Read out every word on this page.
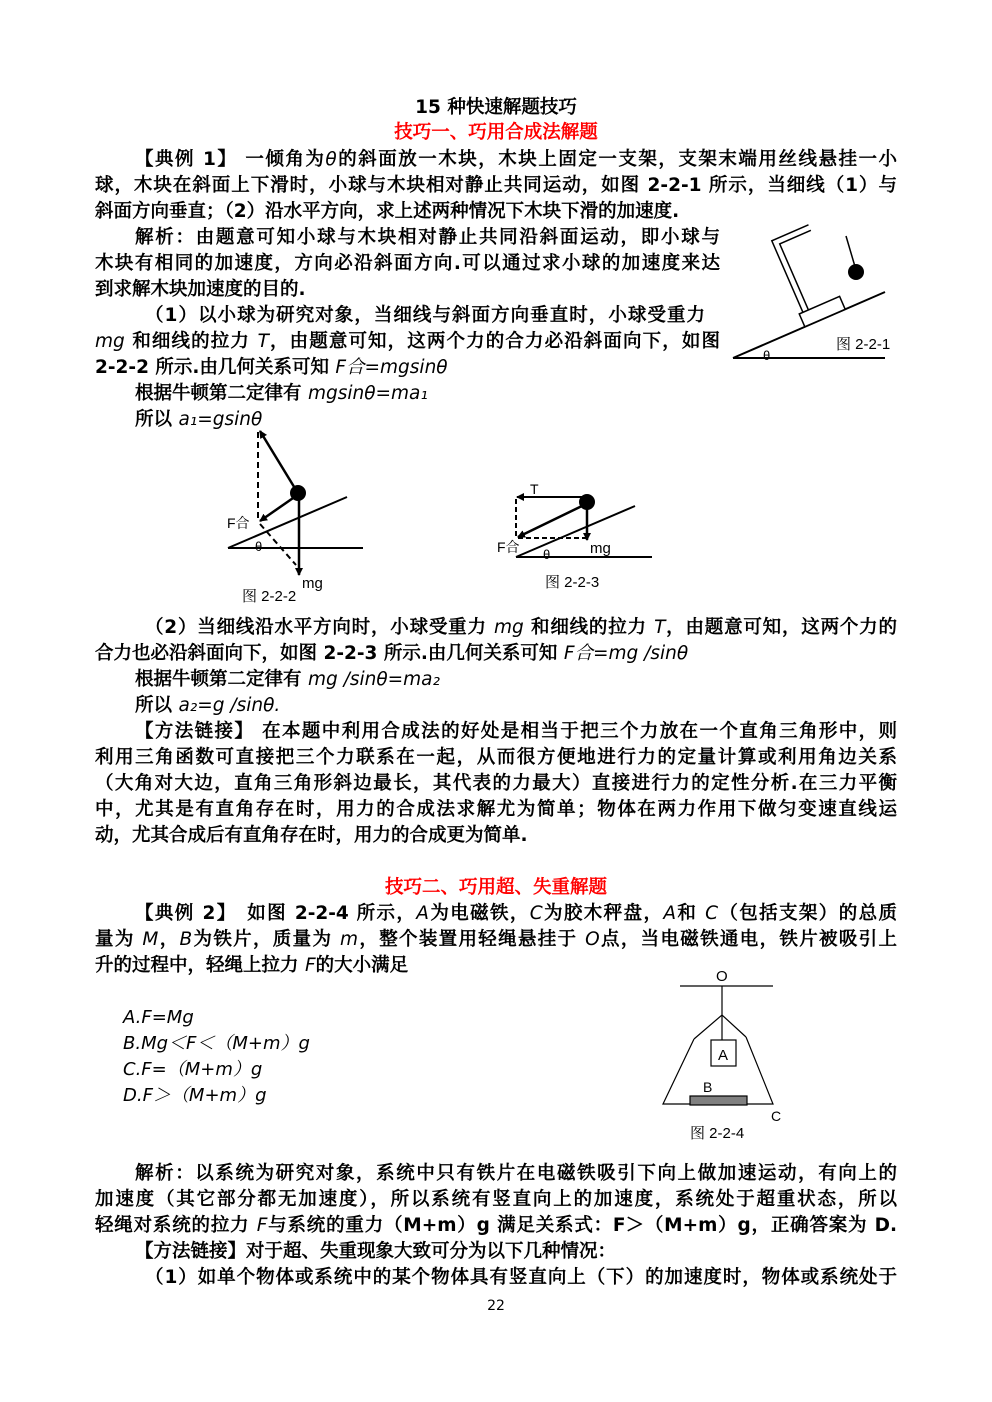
15 种快速解题技巧
技巧一、巧用合成法解题
【典例 1】 一倾角为θ的斜面放一木块，木块上固定一支架，支架末端用丝线悬挂一小
球，木块在斜面上下滑时，小球与木块相对静止共同运动，如图 2-2-1 所示，当细线（1）与
斜面方向垂直；（2）沿水平方向，求上述两种情况下木块下滑的加速度.
解析：由题意可知小球与木块相对静止共同沿斜面运动，即小球与
木块有相同的加速度，方向必沿斜面方向.可以通过求小球的加速度来达
到求解木块加速度的目的.
（1）以小球为研究对象，当细线与斜面方向垂直时，小球受重力
mg 和细线的拉力 T，由题意可知，这两个力的合力必沿斜面向下，如图
2-2-2 所示.由几何关系可知 F合=mgsinθ
根据牛顿第二定律有 mgsinθ=ma₁
所以 a₁=gsinθ
（2）当细线沿水平方向时，小球受重力 mg 和细线的拉力 T，由题意可知，这两个力的
合力也必沿斜面向下，如图 2-2-3 所示.由几何关系可知 F合=mg /sinθ
根据牛顿第二定律有 mg /sinθ=ma₂
所以 a₂=g /sinθ.
【方法链接】 在本题中利用合成法的好处是相当于把三个力放在一个直角三角形中，则
利用三角函数可直接把三个力联系在一起，从而很方便地进行力的定量计算或利用角边关系
（大角对大边，直角三角形斜边最长，其代表的力最大）直接进行力的定性分析.在三力平衡
中，尤其是有直角存在时，用力的合成法求解尤为简单；物体在两力作用下做匀变速直线运
动，尤其合成后有直角存在时，用力的合成更为简单.
技巧二、巧用超、失重解题
【典例 2】　如图 2-2-4 所示，A为电磁铁，C为胶木秤盘，A和 C（包括支架）的总质
量为 M，B为铁片，质量为 m，整个装置用轻绳悬挂于 O点，当电磁铁通电，铁片被吸引上
升的过程中，轻绳上拉力 F的大小满足
解析：以系统为研究对象，系统中只有铁片在电磁铁吸引下向上做加速运动，有向上的
加速度（其它部分都无加速度），所以系统有竖直向上的加速度，系统处于超重状态，所以
轻绳对系统的拉力 F与系统的重力（M+m）g 满足关系式：F＞（M+m）g，正确答案为 D.
【方法链接】对于超、失重现象大致可分为以下几种情况：
（1）如单个物体或系统中的某个物体具有竖直向上（下）的加速度时，物体或系统处于
A.F=Mg
B.Mg＜F＜（M+m）g
C.F=（M+m）g
D.F＞（M+m）g
22
θ
图 2-2-1
F合
θ
mg
图 2-2-2
T
F合 θ	mg
图 2-2-3
O
A
B
C
图 2-2-4
